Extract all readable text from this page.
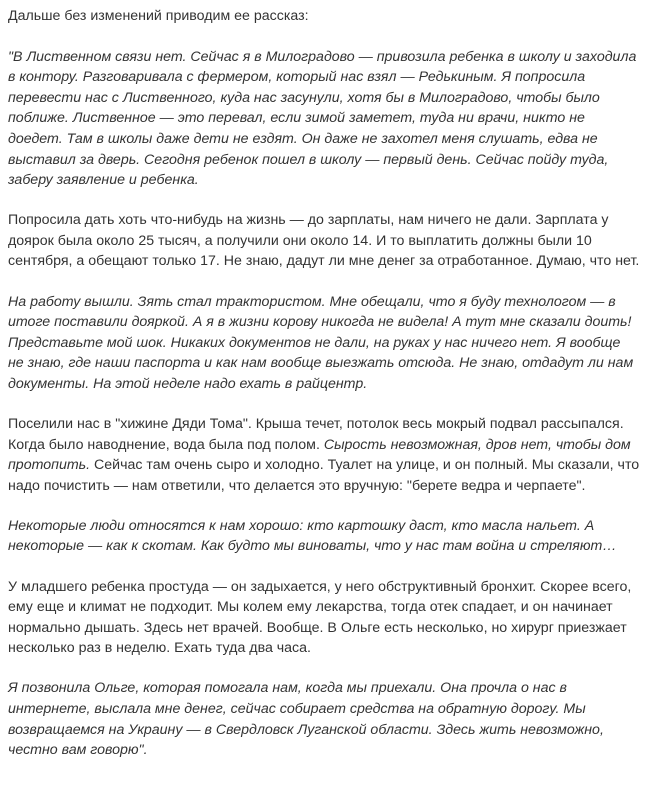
Дальше без изменений приводим ее рассказ:

"В Лиственном связи нет. Сейчас я в Милоградово — привозила ребенка в школу и заходила в контору. Разговаривала с фермером, который нас взял — Редькиным. Я попросила перевести нас с Лиственного, куда нас засунули, хотя бы в Милоградово, чтобы было поближе. Лиственное — это перевал, если зимой заметет, туда ни врачи, никто не доедет. Там в школы даже дети не ездят. Он даже не захотел меня слушать, едва не выставил за дверь. Сегодня ребенок пошел в школу — первый день. Сейчас пойду туда, заберу заявление и ребенка.

Попросила дать хоть что-нибудь на жизнь — до зарплаты, нам ничего не дали. Зарплата у доярок была около 25 тысяч, а получили они около 14. И то выплатить должны были 10 сентября, а обещают только 17. Не знаю, дадут ли мне денег за отработанное. Думаю, что нет.

На работу вышли. Зять стал трактористом. Мне обещали, что я буду технологом — в итоге поставили дояркой. А я в жизни корову никогда не видела! А тут мне сказали доить! Представьте мой шок. Никаких документов не дали, на руках у нас ничего нет. Я вообще не знаю, где наши паспорта и как нам вообще выезжать отсюда. Не знаю, отдадут ли нам документы. На этой неделе надо ехать в райцентр.

Поселили нас в "хижине Дяди Тома". Крыша течет, потолок весь мокрый подвал рассыпался. Когда было наводнение, вода была под полом. Сырость невозможная, дров нет, чтобы дом протопить. Сейчас там очень сыро и холодно. Туалет на улице, и он полный. Мы сказали, что надо почистить — нам ответили, что делается это вручную: "берете ведра и черпаете".

Некоторые люди относятся к нам хорошо: кто картошку даст, кто масла нальет. А некоторые — как к скотам. Как будто мы виноваты, что у нас там война и стреляют…

У младшего ребенка простуда — он задыхается, у него обструктивный бронхит. Скорее всего, ему еще и климат не подходит. Мы колем ему лекарства, тогда отек спадает, и он начинает нормально дышать. Здесь нет врачей. Вообще. В Ольге есть несколько, но хирург приезжает несколько раз в неделю. Ехать туда два часа.

Я позвонила Ольге, которая помогала нам, когда мы приехали. Она прочла о нас в интернете, выслала мне денег, сейчас собирает средства на обратную дорогу. Мы возвращаемся на Украину — в Свердловск Луганской области. Здесь жить невозможно, честно вам говорю".
